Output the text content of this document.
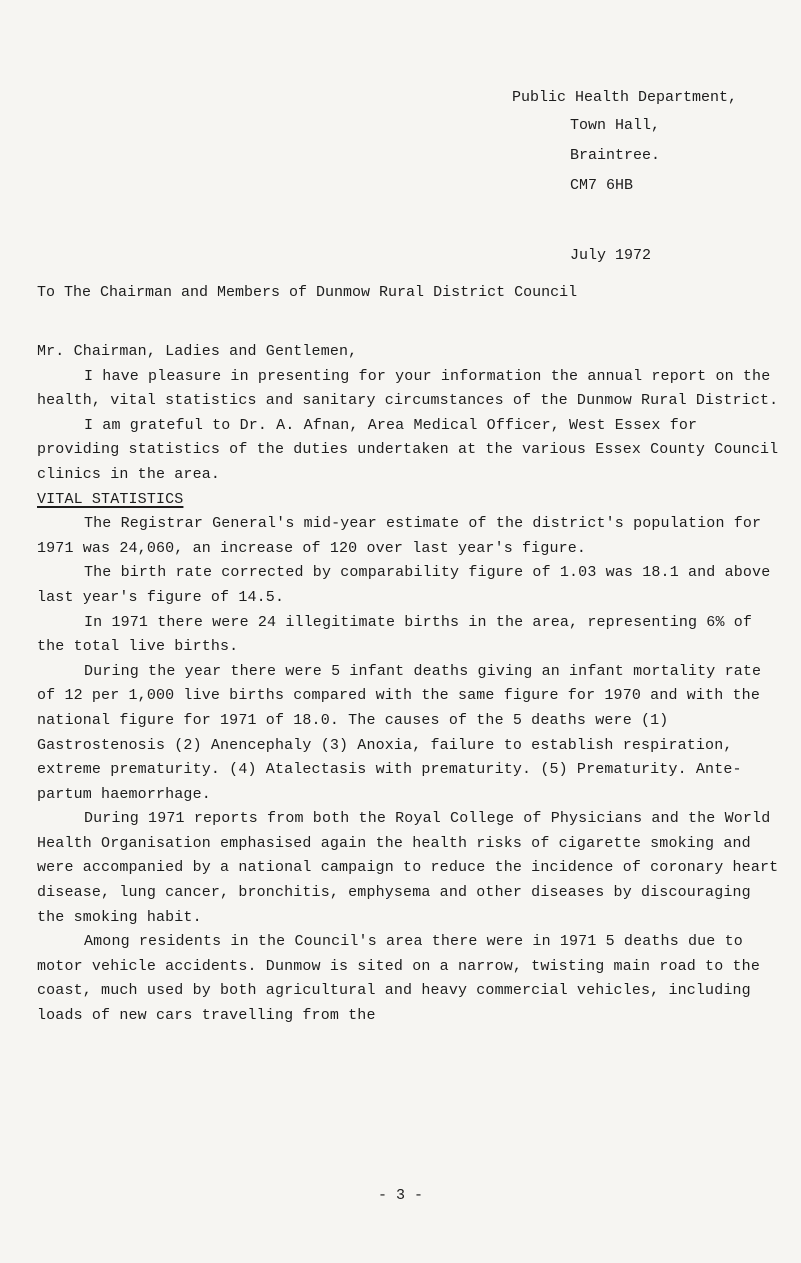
Public Health Department,
Town Hall,
Braintree.
CM7 6HB
July 1972
To The Chairman and Members of Dunmow Rural District Council

Mr. Chairman, Ladies and Gentlemen,

I have pleasure in presenting for your information the annual report on the health, vital statistics and sanitary circumstances of the Dunmow Rural District.

I am grateful to Dr. A. Afnan, Area Medical Officer, West Essex for providing statistics of the duties undertaken at the various Essex County Council clinics in the area.

VITAL STATISTICS

The Registrar General's mid-year estimate of the district's population for 1971 was 24,060, an increase of 120 over last year's figure.

The birth rate corrected by comparability figure of 1.03 was 18.1 and above last year's figure of 14.5.

In 1971 there were 24 illegitimate births in the area, representing 6% of the total live births.

During the year there were 5 infant deaths giving an infant mortality rate of 12 per 1,000 live births compared with the same figure for 1970 and with the national figure for 1971 of 18.0. The causes of the 5 deaths were (1) Gastrostenosis (2) Anencephaly (3) Anoxia, failure to establish respiration, extreme prematurity. (4) Atalectasis with prematurity. (5) Prematurity. Ante-partum haemorrhage.

During 1971 reports from both the Royal College of Physicians and the World Health Organisation emphasised again the health risks of cigarette smoking and were accompanied by a national campaign to reduce the incidence of coronary heart disease, lung cancer, bronchitis, emphysema and other diseases by discouraging the smoking habit.

Among residents in the Council's area there were in 1971 5 deaths due to motor vehicle accidents. Dunmow is sited on a narrow, twisting main road to the coast, much used by both agricultural and heavy commercial vehicles, including loads of new cars travelling from the

- 3 -
